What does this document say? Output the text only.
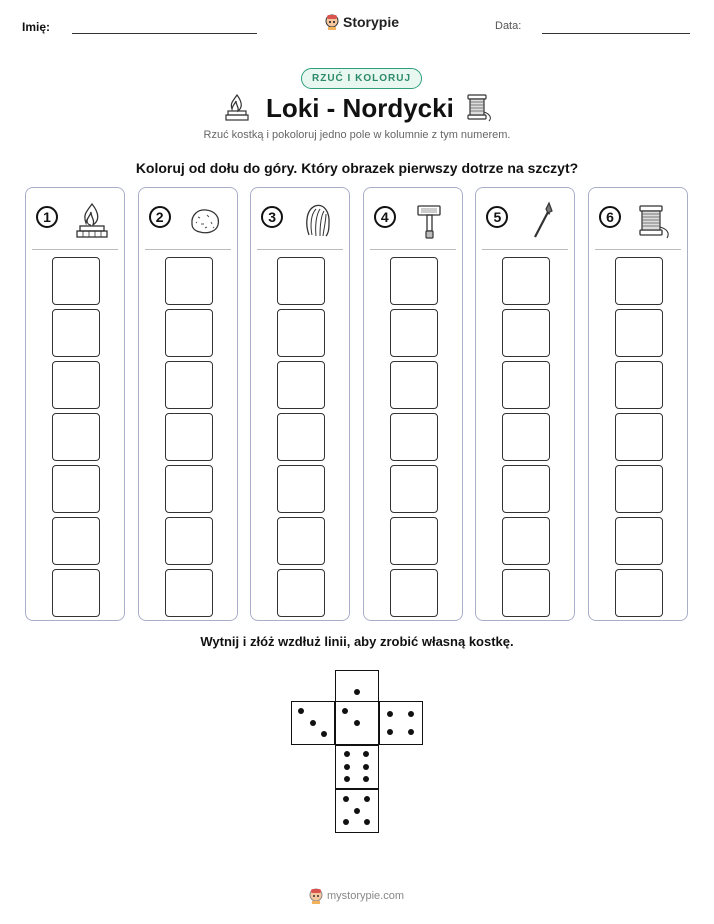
Imię:	Storypie	Data:
RZUĆ I KOLORUJ
Loki - Nordycki
Rzuć kostką i pokoloruj jedno pole w kolumnie z tym numerem.
Koloruj od dołu do góry. Który obrazek pierwszy dotrze na szczyt?
1	2	3	4	5	6
Wytnij i złóż wzdłuż linii, aby zrobić własną kostkę.
mystorypie.com
